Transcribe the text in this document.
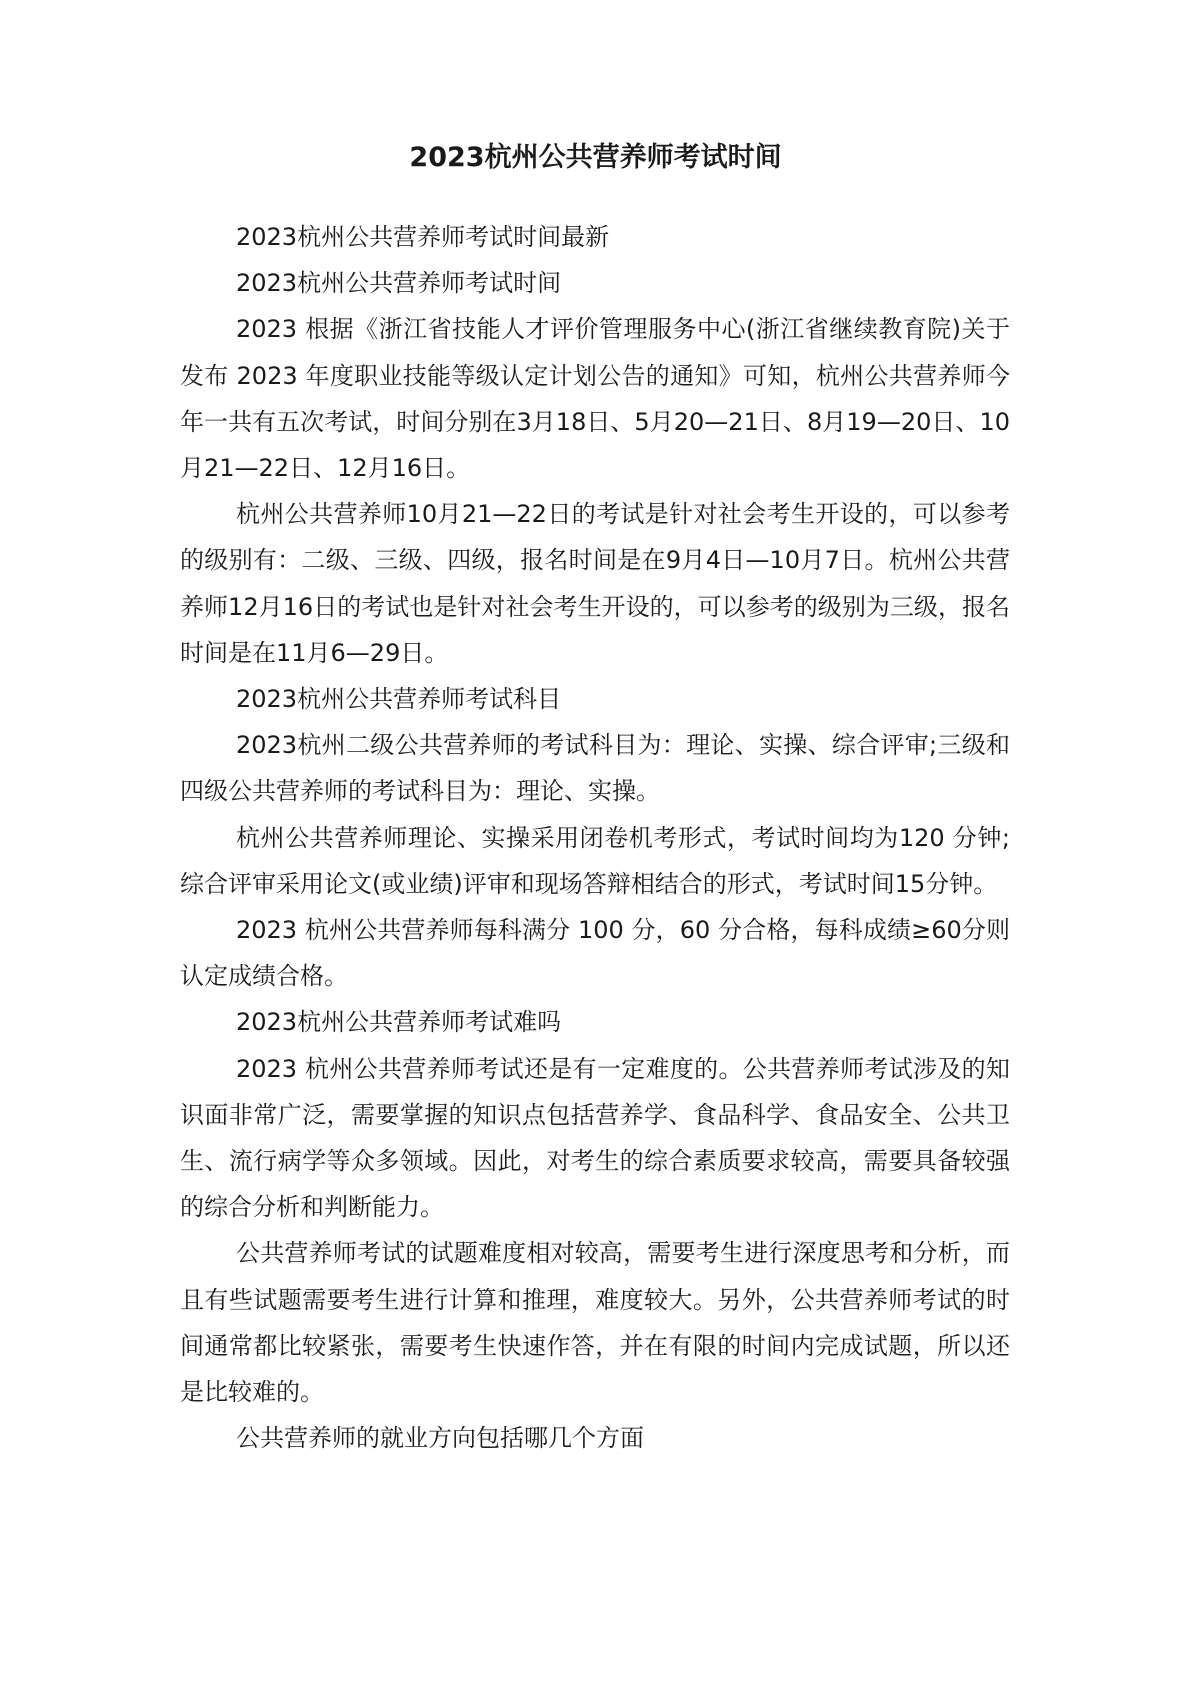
2023杭州公共营养师考试时间

2023杭州公共营养师考试时间最新

2023杭州公共营养师考试时间

2023 根据《浙江省技能人才评价管理服务中心(浙江省继续教育院)关于发布 2023 年度职业技能等级认定计划公告的通知》可知，杭州公共营养师今年一共有五次考试，时间分别在3月18日、5月20—21日、8月19—20日、10月21—22日、12月16日。

杭州公共营养师10月21—22日的考试是针对社会考生开设的，可以参考的级别有：二级、三级、四级，报名时间是在9月4日—10月7日。杭州公共营养师12月16日的考试也是针对社会考生开设的，可以参考的级别为三级，报名时间是在11月6—29日。

2023杭州公共营养师考试科目

2023杭州二级公共营养师的考试科目为：理论、实操、综合评审;三级和四级公共营养师的考试科目为：理论、实操。

杭州公共营养师理论、实操采用闭卷机考形式，考试时间均为120 分钟;综合评审采用论文(或业绩)评审和现场答辩相结合的形式，考试时间15分钟。

2023 杭州公共营养师每科满分 100 分，60 分合格，每科成绩≥60分则认定成绩合格。

2023杭州公共营养师考试难吗

2023 杭州公共营养师考试还是有一定难度的。公共营养师考试涉及的知识面非常广泛，需要掌握的知识点包括营养学、食品科学、食品安全、公共卫生、流行病学等众多领域。因此，对考生的综合素质要求较高，需要具备较强的综合分析和判断能力。

公共营养师考试的试题难度相对较高，需要考生进行深度思考和分析，而且有些试题需要考生进行计算和推理，难度较大。另外，公共营养师考试的时间通常都比较紧张，需要考生快速作答，并在有限的时间内完成试题，所以还是比较难的。

公共营养师的就业方向包括哪几个方面
